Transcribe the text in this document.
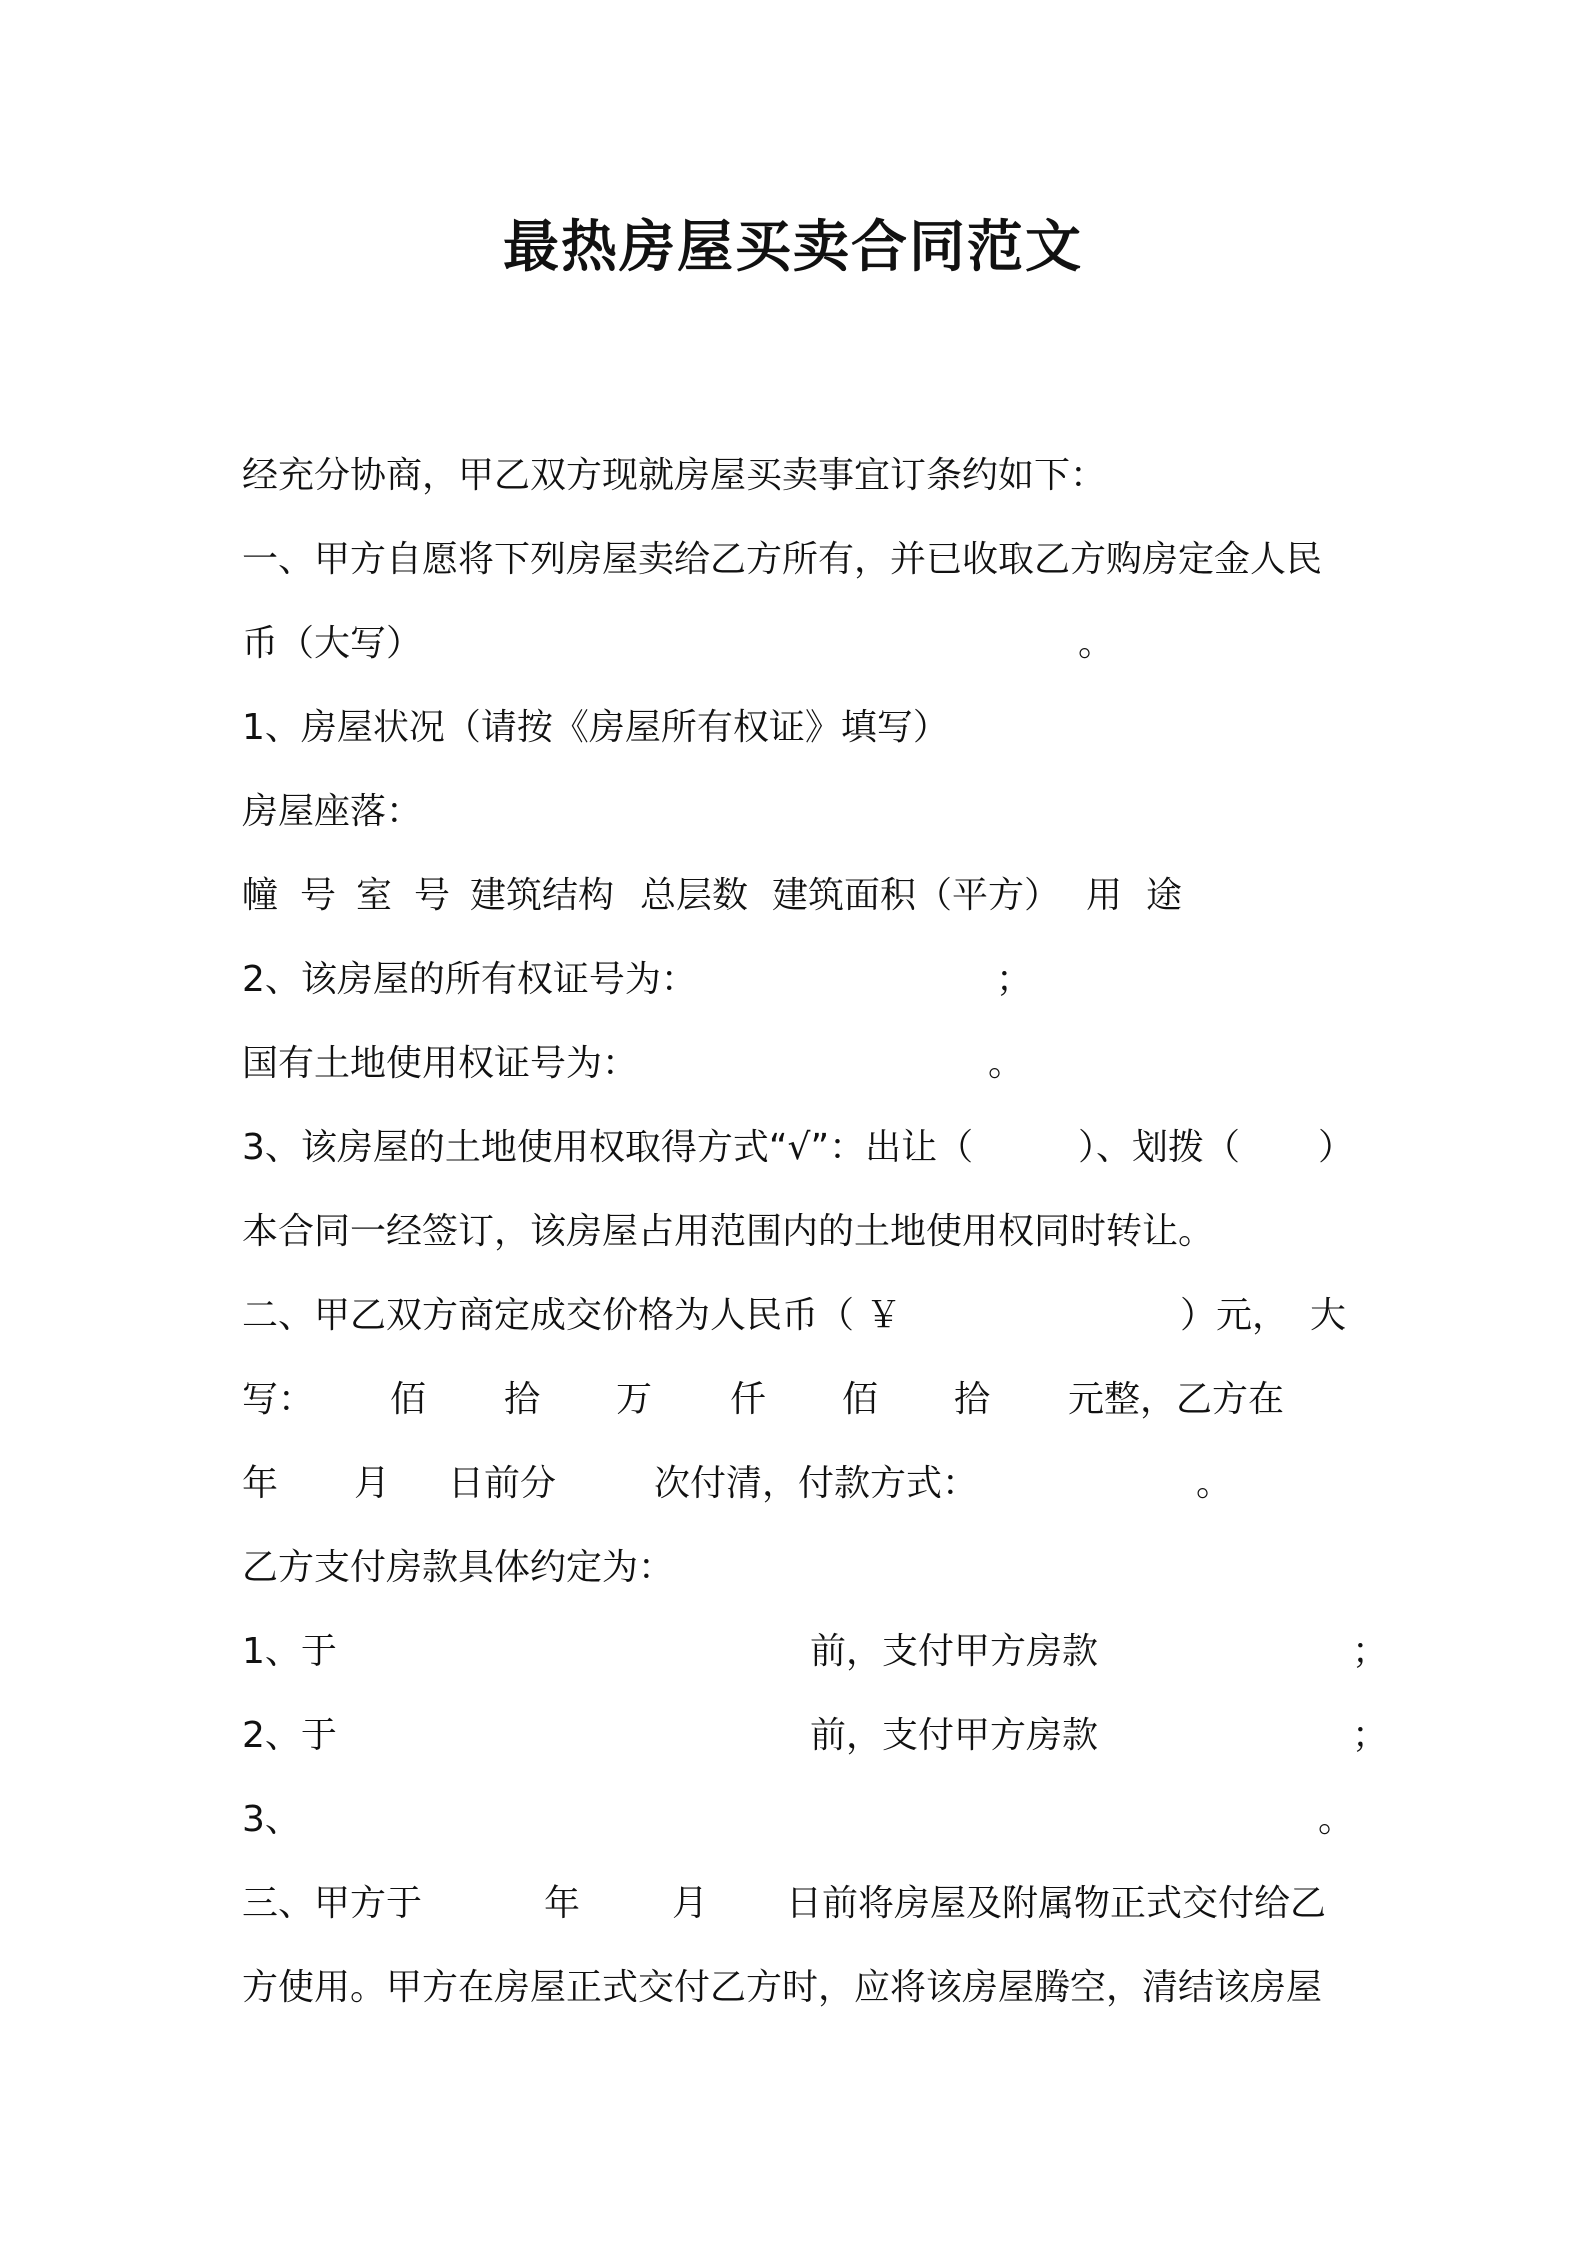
最热房屋买卖合同范文
经充分协商，甲乙双方现就房屋买卖事宜订条约如下：
一、甲方自愿将下列房屋卖给乙方所有，并已收取乙方购房定金人民
币（大写）	。
1、房屋状况（请按《房屋所有权证》填写）
房屋座落：
幢 号 室 号 建筑结构 总层数 建筑面积（平方） 用 途
2、该房屋的所有权证号为：	；
国有土地使用权证号为：	。
3、该房屋的土地使用权取得方式“√”：出让（	）、划拨（ ）
本合同一经签订，该房屋占用范围内的土地使用权同时转让。
二、甲乙双方商定成交价格为人民币（ ￥	）元， 大
写： 佰 拾 万 仟 佰 拾 元整，乙方在
年 月 日前分	次付清，付款方式：	。
乙方支付房款具体约定为：
1、于	前，支付甲方房款	；
2、于	前，支付甲方房款	；
3、	。
三、甲方于	年	月 日前将房屋及附属物正式交付给乙
方使用。甲方在房屋正式交付乙方时，应将该房屋腾空，清结该房屋
